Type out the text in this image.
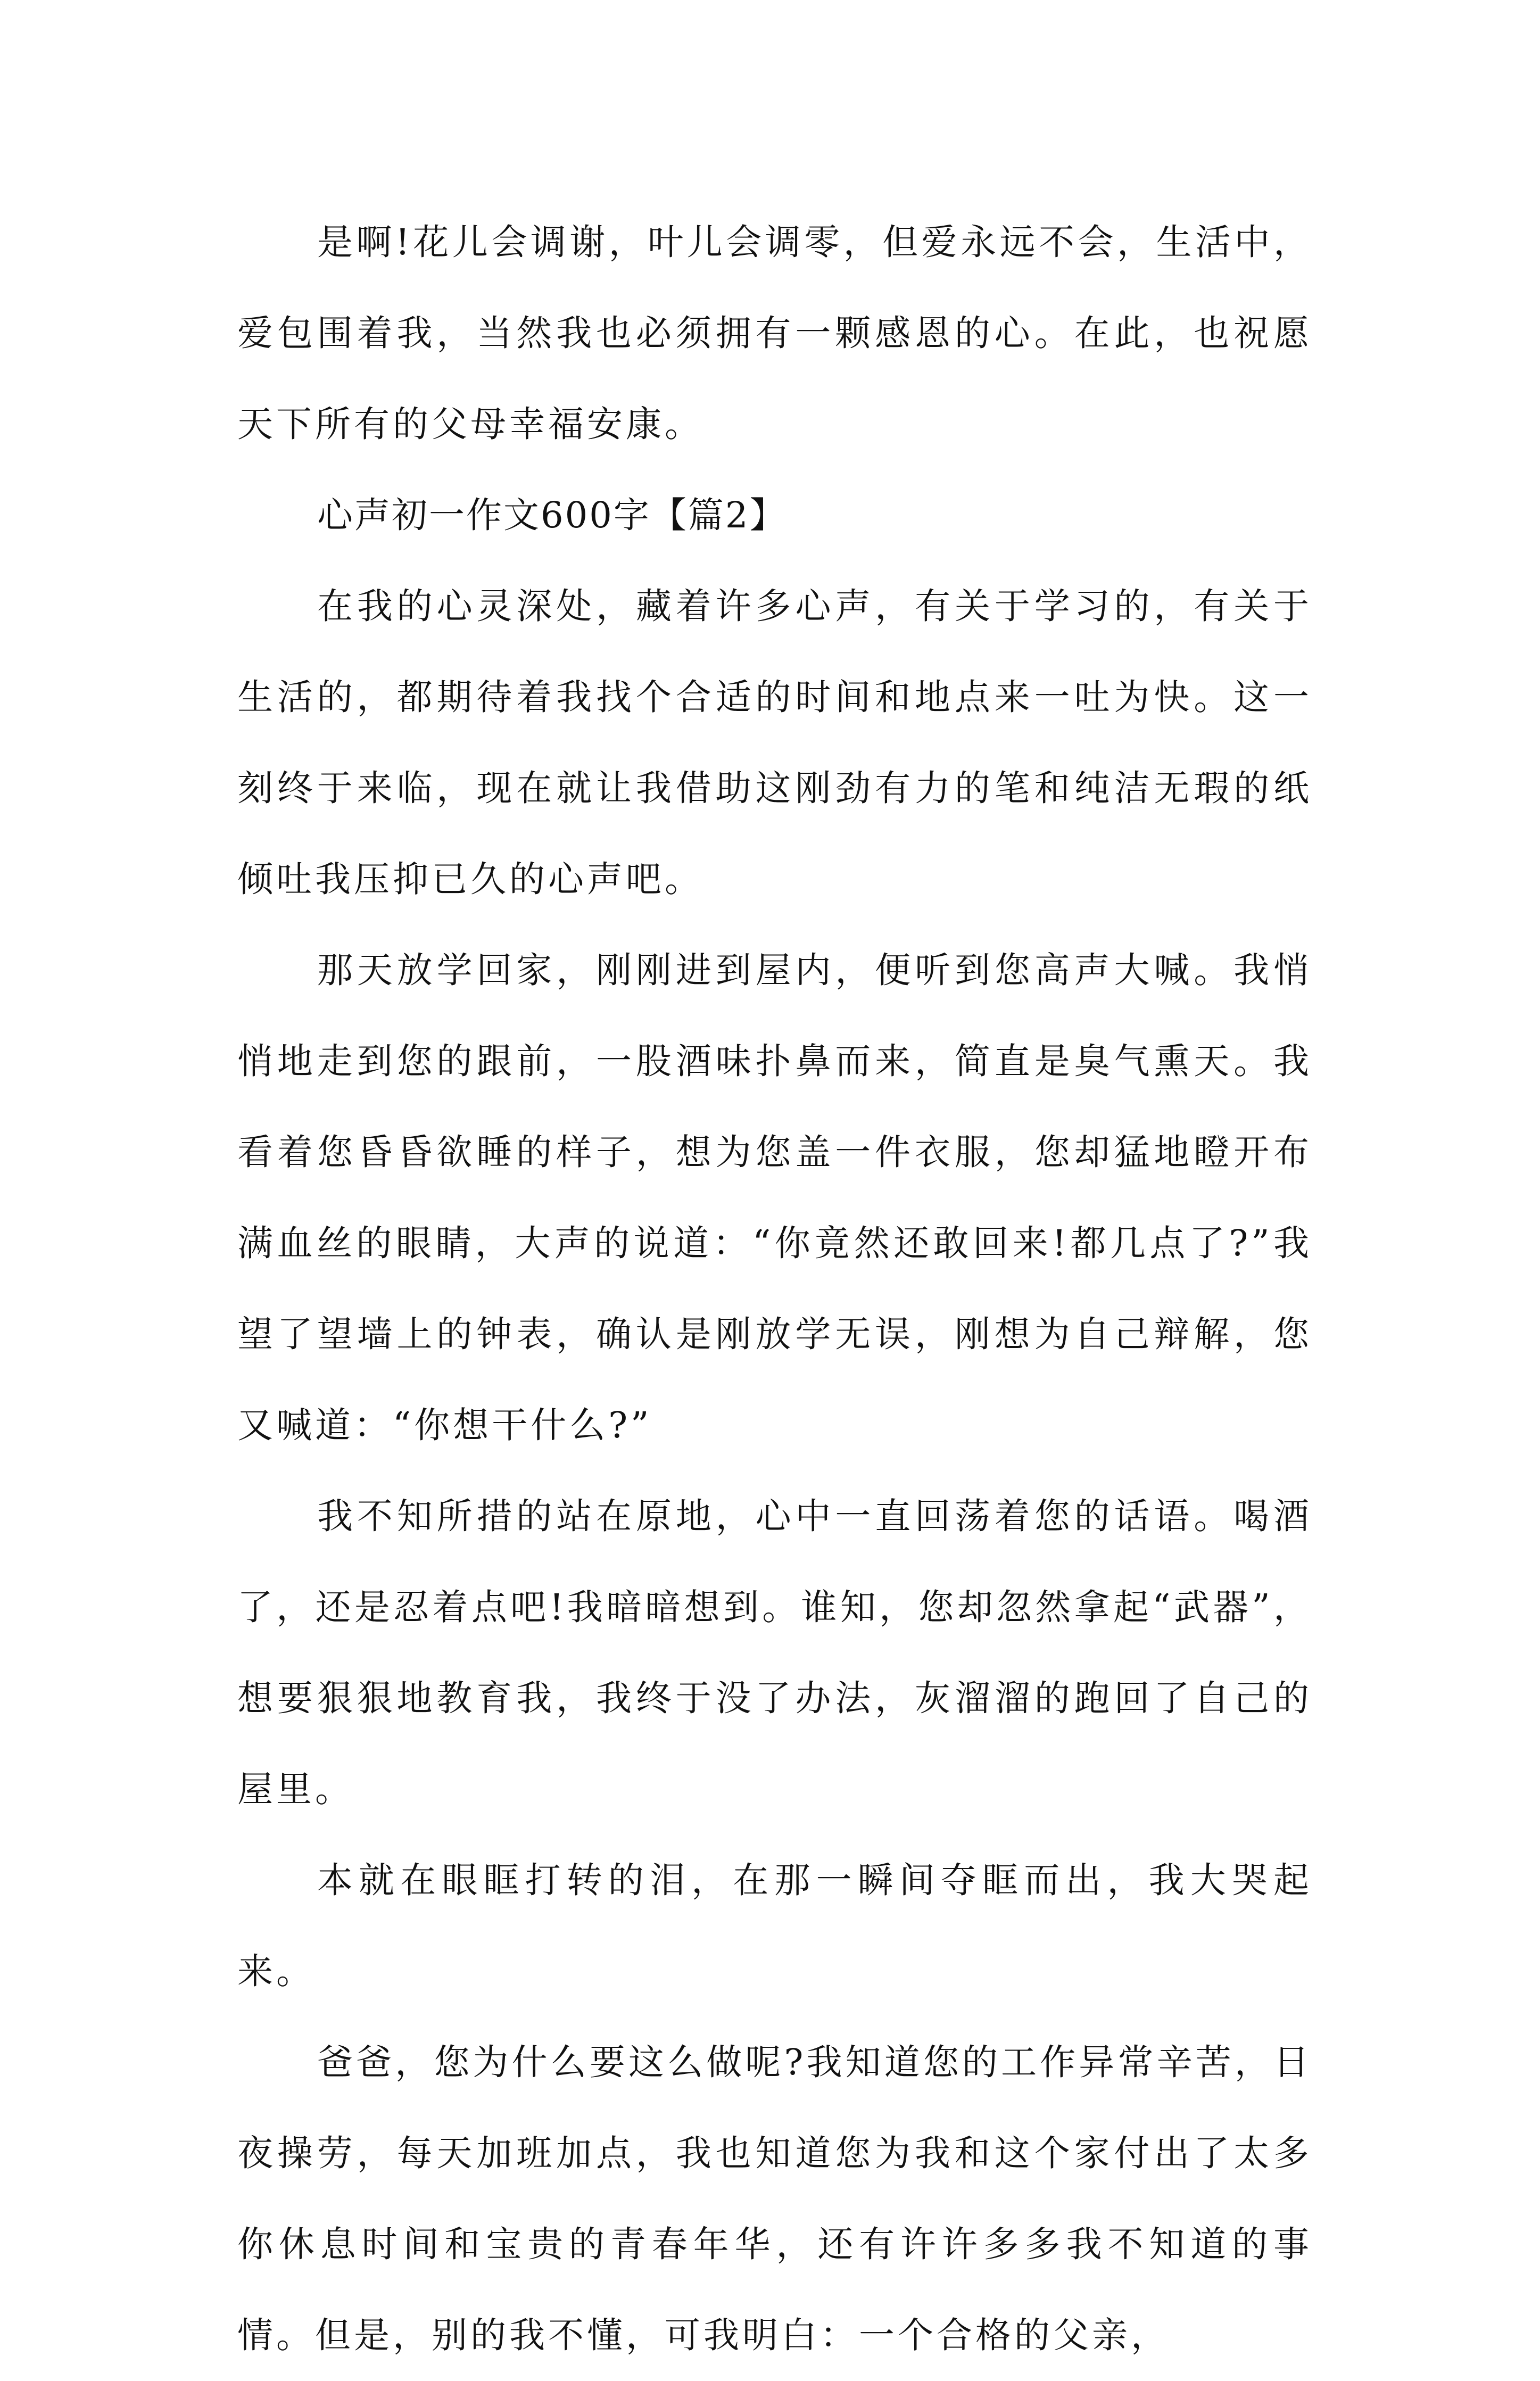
是啊!花儿会调谢，叶儿会调零，但爱永远不会，生活中，爱包围着我，当然我也必须拥有一颗感恩的心。在此，也祝愿天下所有的父母幸福安康。

心声初一作文600字【篇2】

在我的心灵深处，藏着许多心声，有关于学习的，有关于生活的，都期待着我找个合适的时间和地点来一吐为快。这一刻终于来临，现在就让我借助这刚劲有力的笔和纯洁无瑕的纸倾吐我压抑已久的心声吧。

那天放学回家，刚刚进到屋内，便听到您高声大喊。我悄悄地走到您的跟前，一股酒味扑鼻而来，简直是臭气熏天。我看着您昏昏欲睡的样子，想为您盖一件衣服，您却猛地瞪开布满血丝的眼睛，大声的说道：“你竟然还敢回来!都几点了?”我望了望墙上的钟表，确认是刚放学无误，刚想为自己辩解，您又喊道：“你想干什么?”

我不知所措的站在原地，心中一直回荡着您的话语。喝酒了，还是忍着点吧!我暗暗想到。谁知，您却忽然拿起“武器”，想要狠狠地教育我，我终于没了办法，灰溜溜的跑回了自己的屋里。

本就在眼眶打转的泪，在那一瞬间夺眶而出，我大哭起来。

爸爸，您为什么要这么做呢?我知道您的工作异常辛苦，日夜操劳，每天加班加点，我也知道您为我和这个家付出了太多你休息时间和宝贵的青春年华，还有许许多多我不知道的事情。但是，别的我不懂，可我明白：一个合格的父亲，
